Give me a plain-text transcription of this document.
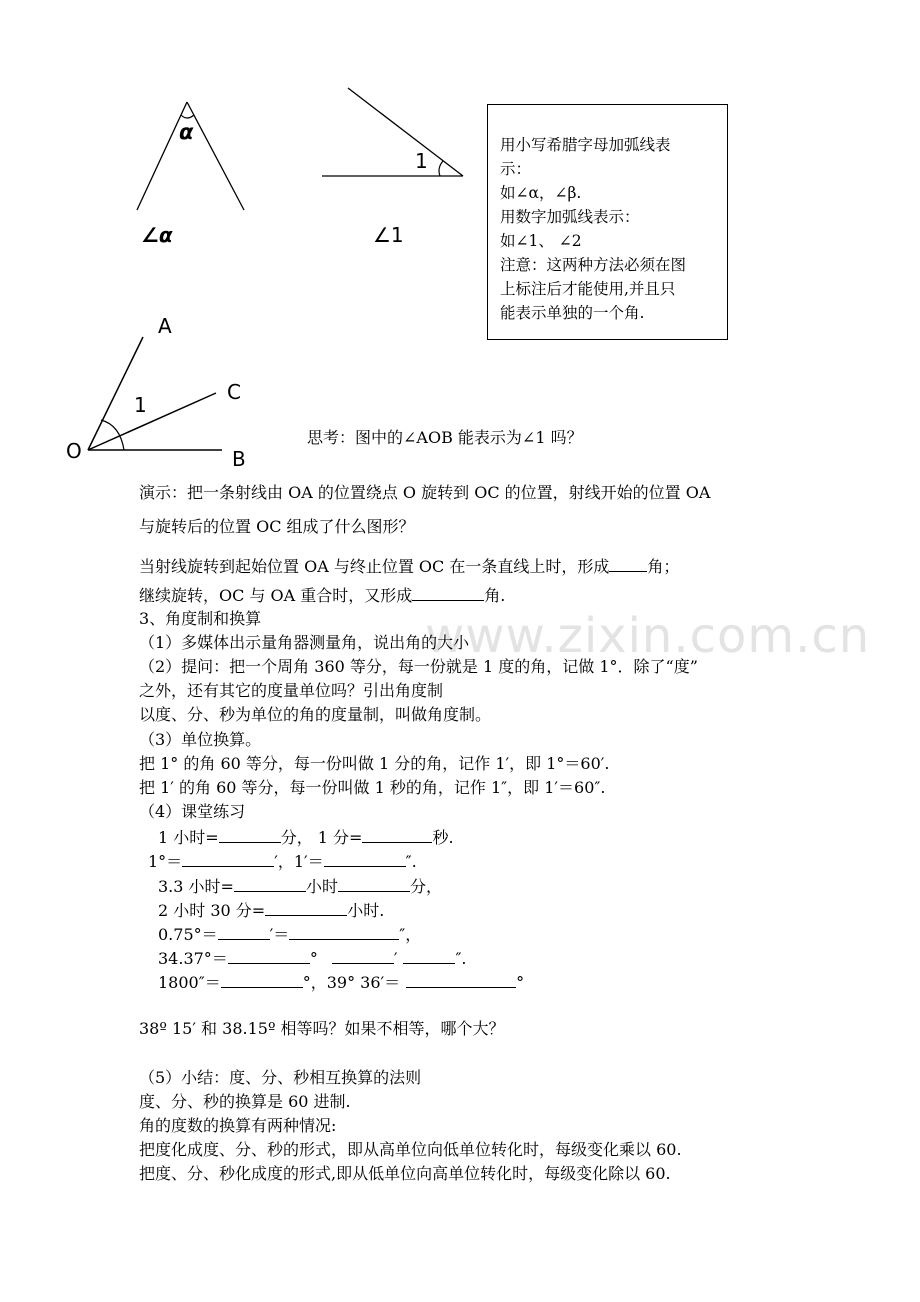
www.zixin.com.cn
α
∠α
1
∠1
A
C
1
O	B
用小写希腊字母加弧线表
示：
如∠α，∠β.
用数字加弧线表示：
如∠1、 ∠2
注意：这两种方法必须在图
上标注后才能使用,并且只
能表示单独的一个角.
思考：图中的∠AOB 能表示为∠1 吗？
演示：把一条射线由 OA 的位置绕点 O 旋转到 OC 的位置，射线开始的位置 OA
与旋转后的位置 OC 组成了什么图形？
当射线旋转到起始位置 OA 与终止位置 OC 在一条直线上时，形成 角；
继续旋转，OC 与 OA 重合时，又形成	角.
3、角度制和换算
（1）多媒体出示量角器测量角，说出角的大小
（2）提问：把一个周角 360 等分，每一份就是 1 度的角，记做 1°．除了“度”
之外，还有其它的度量单位吗？引出角度制
以度、分、秒为单位的角的度量制，叫做角度制。
（3）单位换算。
把 1° 的角 60 等分，每一份叫做 1 分的角，记作 1′，即 1°＝60′.
把 1′ 的角 60 等分，每一份叫做 1 秒的角，记作 1″，即 1′＝60″.
（4）课堂练习
1 小时=	分， 1 分=	秒.
1°＝	′，1′＝	″.
3.3 小时=	小时	分，
2 小时 30 分=	小时.
0.75°＝	′＝	″，
34.37°＝	°	′	″.
1800″＝	°，39° 36′＝	°
38º 15′ 和 38.15º 相等吗？如果不相等，哪个大？
（5）小结：度、分、秒相互换算的法则
度、分、秒的换算是 60 进制.
角的度数的换算有两种情况:
把度化成度、分、秒的形式，即从高单位向低单位转化时，每级变化乘以 60.
把度、分、秒化成度的形式,即从低单位向高单位转化时，每级变化除以 60.
